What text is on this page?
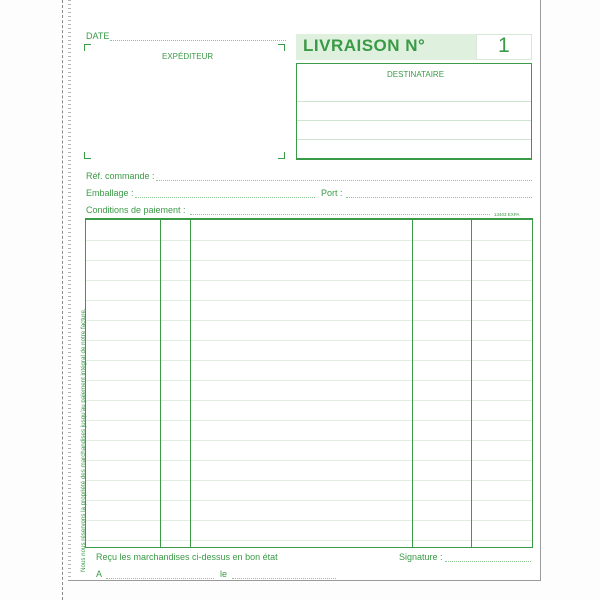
DATE
EXPÉDITEUR
LIVRAISON N°	1
DESTINATAIRE
Réf. commande :
Emballage :	Port :
Conditions de paiement :	13403 EXPA
Nous nous réservons la propriété des marchandises jusqu'au paiement intégral de notre facture. Reçu les marchandises ci-dessus en bon état	Signature :
A	le
